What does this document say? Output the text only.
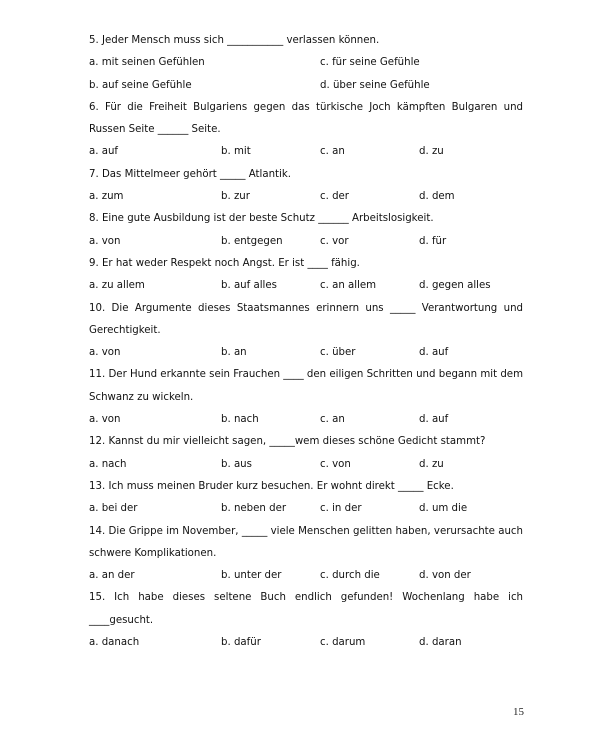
5. Jeder Mensch muss sich ___________ verlassen können.

a. mit seinen Gefühlen	c. für seine Gefühle
b. auf seine Gefühle	d. über seine Gefühle

6. Für die Freiheit Bulgariens gegen das türkische Joch kämpften Bulgaren und Russen Seite ______ Seite.

a. auf	b. mit	c. an	d. zu

7. Das Mittelmeer gehört _____ Atlantik.

a. zum	b. zur	c. der	d. dem

8. Eine gute Ausbildung ist der beste Schutz ______ Arbeitslosigkeit.

a. von	b. entgegen	c. vor	d. für

9. Er hat weder Respekt noch Angst. Er ist ____ fähig.

a. zu allem	b. auf alles	c. an allem	d. gegen alles

10. Die Argumente dieses Staatsmannes erinnern uns _____ Verantwortung und Gerechtigkeit.

a. von	b. an	c. über	d. auf

11. Der Hund erkannte sein Frauchen ____ den eiligen Schritten und begann mit dem Schwanz zu wickeln.

a. von	b. nach	c. an	d. auf

12. Kannst du mir vielleicht sagen, _____wem dieses schöne Gedicht stammt?

a. nach	b. aus	c. von	d. zu

13. Ich muss meinen Bruder kurz besuchen. Er wohnt direkt _____ Ecke.

a. bei der	b. neben der	c. in der	d. um die

14. Die Grippe im November, _____ viele Menschen gelitten haben, verursachte auch schwere Komplikationen.

a. an der	b. unter der	c. durch die	d. von der

15. Ich habe dieses seltene Buch endlich gefunden! Wochenlang habe ich ____gesucht.

a. danach	b. dafür	c. darum	d. daran
15
